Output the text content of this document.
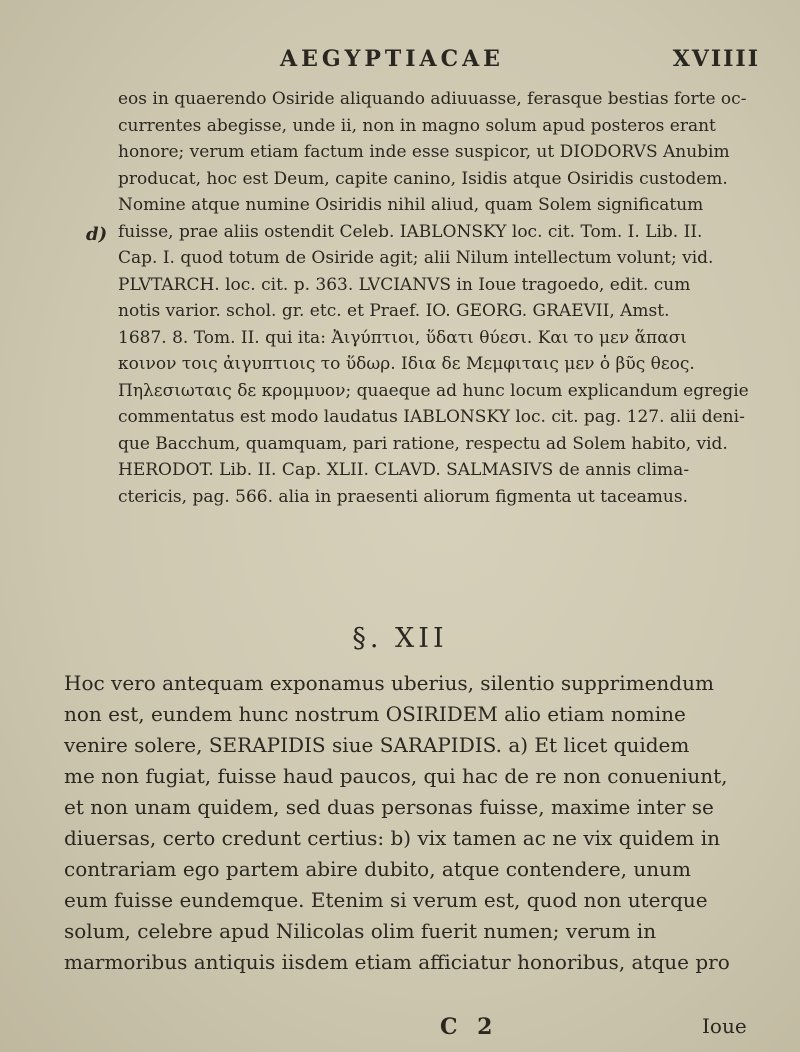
AEGYPTIACAE	XVIIII
d)
eos in quaerendo Osiride aliquando adiuuasse, ferasque bestias forte oc-
currentes abegisse, unde ii, non in magno solum apud posteros erant
honore; verum etiam factum inde esse suspicor, ut DIODORVS Anubim
producat, hoc est Deum, capite canino, Isidis atque Osiridis custodem.
Nomine atque numine Osiridis nihil aliud, quam Solem significatum
fuisse, prae aliis ostendit Celeb. IABLONSKY loc. cit. Tom. I. Lib. II.
Cap. I. quod totum de Osiride agit; alii Nilum intellectum volunt; vid.
PLVTARCH. loc. cit. p. 363. LVCIANVS in Ioue tragoedo, edit. cum
notis varior. schol. gr. etc. et Praef. IO. GEORG. GRAEVII, Amst.
1687. 8. Tom. II. qui ita: Ἀιγύπτιοι, ὕδατι θύεσι. Και το μεν ἅπασι
κοινον τοις ἀιγυπτιοις το ὕδωρ. Ιδια δε Μεμφιταις μεν ὁ βῦς θεος.
Πηλεσιωταις δε κρομμυον; quaeque ad hunc locum explicandum egregie
commentatus est modo laudatus IABLONSKY loc. cit. pag. 127. alii deni-
que Bacchum, quamquam, pari ratione, respectu ad Solem habito, vid.
HERODOT. Lib. II. Cap. XLII. CLAVD. SALMASIVS de annis clima-
ctericis, pag. 566. alia in praesenti aliorum figmenta ut taceamus.
§. XII
Hoc vero antequam exponamus uberius, silentio supprimendum
non est, eundem hunc nostrum OSIRIDEM alio etiam nomine
venire solere, SERAPIDIS siue SARAPIDIS. a) Et licet quidem
me non fugiat, fuisse haud paucos, qui hac de re non conueniunt,
et non unam quidem, sed duas personas fuisse, maxime inter se
diuersas, certo credunt certius: b) vix tamen ac ne vix quidem in
contrariam ego partem abire dubito, atque contendere, unum
eum fuisse eundemque. Etenim si verum est, quod non uterque
solum, celebre apud Nilicolas olim fuerit numen; verum in
marmoribus antiquis iisdem etiam afficiatur honoribus, atque pro
C 2	Ioue
